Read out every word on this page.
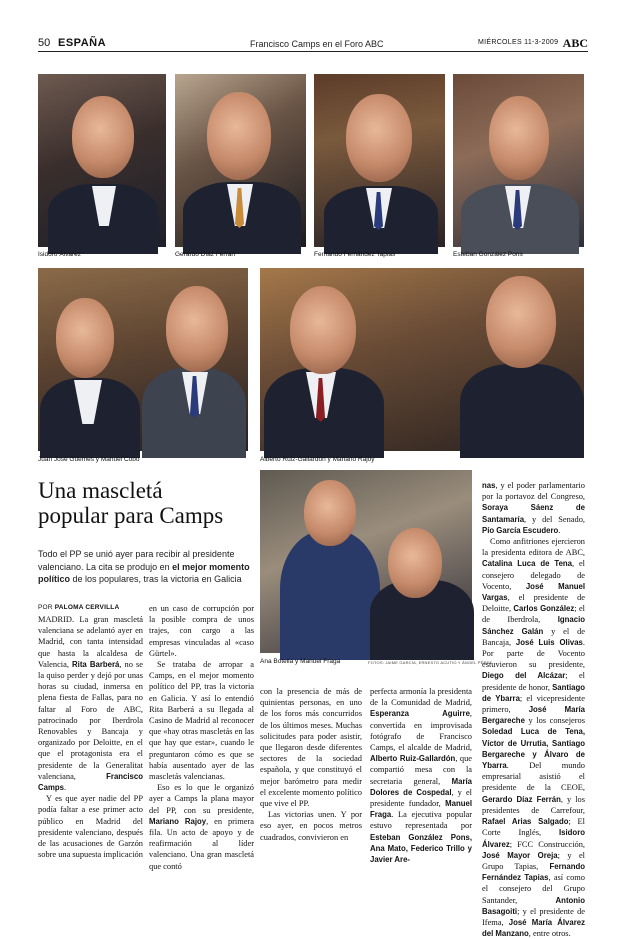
50 ESPAÑA	Francisco Camps en el Foro ABC	MIÉRCOLES 11-3-2009 ABC
Isidoro Álvarez	Gerardo Díaz Ferrán	Fernando Fernández Tapias	Esteban González Pons
Juan José Güemes y Manuel Cobo	Alberto Ruiz-Gallardón y Mariano Rajoy
Una mascletá
popular para Camps
Todo el PP se unió ayer para recibir al presidente valenciano. La cita se produjo en el mejor momento político de los populares, tras la victoria en Galicia
Ana Botella y Manuel Fraga	FOTOS: JAIME GARCÍA, ERNESTO ACUTIO Y ÁNGEL PÉREZ
POR PALOMA CERVILLA

MADRID. La gran mascletá valenciana se adelantó ayer en Madrid, con tanta intensidad que hasta la alcaldesa de Valencia, Rita Barberá, no se la quiso perder y dejó por unas horas su ciudad, inmersa en plena fiesta de Fallas, para no faltar al Foro de ABC, patrocinado por Iberdrola Renovables y Bancaja y organizado por Deloitte, en el que el protagonista era el presidente de la Generalitat valenciana, Francisco Camps.

Y es que ayer nadie del PP podía faltar a ese primer acto público en Madrid del presidente valenciano, después de las acusaciones de Garzón sobre una supuesta implicación

en un caso de corrupción por la posible compra de unos trajes, con cargo a las empresas vinculadas al «caso Gürtel».

Se trataba de arropar a Camps, en el mejor momento político del PP, tras la victoria en Galicia. Y así lo entendió Rita Barberá a su llegada al Casino de Madrid al reconocer que «hay otras mascletás en las que hay que estar», cuando le preguntaron cómo es que se había ausentado ayer de las mascletás valencianas.

Eso es lo que le organizó ayer a Camps la plana mayor del PP, con su presidente, Mariano Rajoy, en primera fila. Un acto de apoyo y de reafirmación al líder valenciano. Una gran mascletá que contó

con la presencia de más de quinientas personas, en uno de los foros más concurridos de los últimos meses. Muchas solicitudes para poder asistir, que llegaron desde diferentes sectores de la sociedad española, y que constituyó el mejor barómetro para medir el excelente momento político que vive el PP.

Las victorias unen. Y por eso ayer, en pocos metros cuadrados, convivieron en

perfecta armonía la presidenta de la Comunidad de Madrid, Esperanza Aguirre, convertida en improvisada fotógrafo de Francisco Camps, el alcalde de Madrid, Alberto Ruiz-Gallardón, que compartió mesa con la secretaria general, María Dolores de Cospedal, y el presidente fundador, Manuel Fraga. La ejecutiva popular estuvo representada por Esteban González Pons, Ana Mato, Federico Trillo y Javier Are-

nas, y el poder parlamentario por la portavoz del Congreso, Soraya Sáenz de Santamaría, y del Senado, Pío García Escudero.

Como anfitriones ejercieron la presidenta editora de ABC, Catalina Luca de Tena, el consejero delegado de Vocento, José Manuel Vargas, el presidente de Deloitte, Carlos González; el de Iberdrola, Ignacio Sánchez Galán y el de Bancaja, José Luis Olivas. Por parte de Vocento estuvieron su presidente, Diego del Alcázar; el presidente de honor, Santiago de Ybarra; el vicepresidente primero, José María Bergareche y los consejeros Soledad Luca de Tena, Víctor de Urrutia, Santiago Bergareche y Álvaro de Ybarra. Del mundo empresarial asistió el presidente de la CEOE, Gerardo Díaz Ferrán, y los presidentes de Carrefour, Rafael Arias Salgado; El Corte Inglés, Isidoro Álvarez; FCC Construcción, José Mayor Oreja; y el Grupo Tapias, Fernando Fernández Tapias, así como el consejero del Grupo Santander, Antonio Basagoiti; y el presidente de Ifema, José María Álvarez del Manzano, entre otros.
